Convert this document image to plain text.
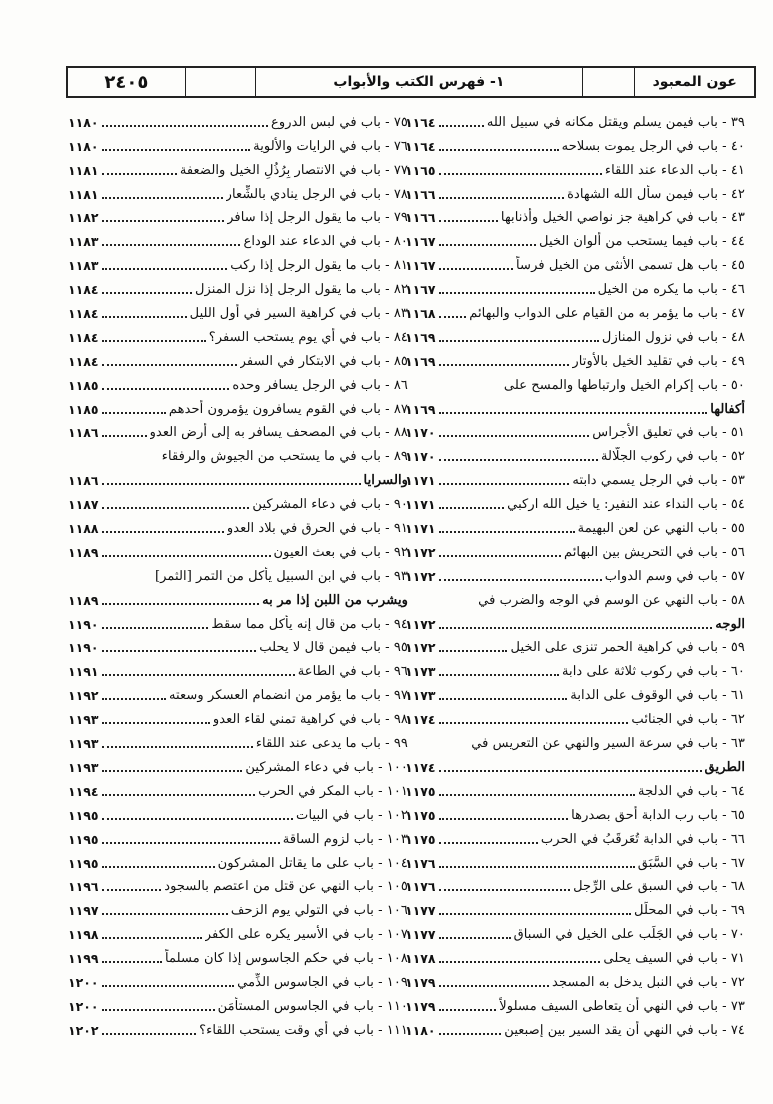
عون المعبود
١- فهرس الكتب والأبواب
٢٤٠٥
٣٩ - باب فيمن يسلم ويقتل مكانه في سبيل الله
١١٦٤
٤٠ - باب في الرجل يموت بسلاحه
١١٦٤
٤١ - باب الدعاء عند اللقاء
١١٦٥
٤٢ - باب فيمن سأل الله الشهادة
١١٦٦
٤٣ - باب في كراهية جز نواصي الخيل وأذنابها
١١٦٦
٤٤ - باب فيما يستحب من ألوان الخيل
١١٦٧
٤٥ - باب هل تسمى الأنثى من الخيل فرساً
١١٦٧
٤٦ - باب ما يكره من الخيل
١١٦٧
٤٧ - باب ما يؤمر به من القيام على الدواب والبهائم
١١٦٨
٤٨ - باب في نزول المنازل
١١٦٩
٤٩ - باب في تقليد الخيل بالأوتار
١١٦٩
٥٠ - باب إكرام الخيل وارتباطها والمسح على
أكفالها
١١٦٩
٥١ - باب في تعليق الأجراس
١١٧٠
٥٢ - باب في ركوب الجلّالة
١١٧٠
٥٣ - باب في الرجل يسمي دابته
١١٧١
٥٤ - باب النداء عند النفير: يا خيل الله اركبي
١١٧١
٥٥ - باب النهي عن لعن البهيمة
١١٧١
٥٦ - باب في التحريش بين البهائم
١١٧٢
٥٧ - باب في وسم الدواب
١١٧٢
٥٨ - باب النهي عن الوسم في الوجه والضرب في
الوجه
١١٧٢
٥٩ - باب في كراهية الحمر تنزى على الخيل
١١٧٢
٦٠ - باب في ركوب ثلاثة على دابة
١١٧٣
٦١ - باب في الوقوف على الدابة
١١٧٣
٦٢ - باب في الجنائب
١١٧٤
٦٣ - باب في سرعة السير والنهي عن التعريس في
الطريق
١١٧٤
٦٤ - باب في الدلجة
١١٧٥
٦٥ - باب رب الدابة أحق بصدرها
١١٧٥
٦٦ - باب في الدابة تُعَرقَبُ في الحرب
١١٧٥
٦٧ - باب في السَّبَق
١١٧٦
٦٨ - باب في السبق على الرِّجل
١١٧٦
٦٩ - باب في المحلِّل
١١٧٧
٧٠ - باب في الجَلَب على الخيل في السباق
١١٧٧
٧١ - باب في السيف يحلى
١١٧٨
٧٢ - باب في النبل يدخل به المسجد
١١٧٩
٧٣ - باب في النهي أن يتعاطى السيف مسلولاً
١١٧٩
٧٤ - باب في النهي أن يقد السير بين إصبعين
١١٨٠
٧٥ - باب في لبس الدروع
١١٨٠
٧٦ - باب في الرايات والألوية
١١٨٠
٧٧ - باب في الانتصار بِرُذُلِ الخيل والضعفة
١١٨١
٧٨ - باب في الرجل ينادي بالشِّعار
١١٨١
٧٩ - باب ما يقول الرجل إذا سافر
١١٨٢
٨٠ - باب في الدعاء عند الوداع
١١٨٣
٨١ - باب ما يقول الرجل إذا ركب
١١٨٣
٨٢ - باب ما يقول الرجل إذا نزل المنزل
١١٨٤
٨٣ - باب في كراهية السير في أول الليل
١١٨٤
٨٤ - باب في أي يوم يستحب السفر؟
١١٨٤
٨٥ - باب في الابتكار في السفر
١١٨٤
٨٦ - باب في الرجل يسافر وحده
١١٨٥
٨٧ - باب في القوم يسافرون يؤمرون أحدهم
١١٨٥
٨٨ - باب في المصحف يسافر به إلى أرض العدو
١١٨٦
٨٩ - باب في ما يستحب من الجيوش والرفقاء
والسرايا
١١٨٦
٩٠ - باب في دعاء المشركين
١١٨٧
٩١ - باب في الحرق في بلاد العدو
١١٨٨
٩٢ - باب في بعث العيون
١١٨٩
٩٣ - باب في ابن السبيل يأكل من التمر [الثمر]
ويشرب من اللبن إذا مر به
١١٨٩
٩٤ - باب من قال إنه يأكل مما سقط
١١٩٠
٩٥ - باب فيمن قال لا يحلب
١١٩٠
٩٦ - باب في الطاعة
١١٩١
٩٧ - باب ما يؤمر من انضمام العسكر وسعته
١١٩٢
٩٨ - باب في كراهية تمني لقاء العدو
١١٩٣
٩٩ - باب ما يدعى عند اللقاء
١١٩٣
١٠٠ - باب في دعاء المشركين
١١٩٣
١٠١ - باب المكر في الحرب
١١٩٤
١٠٢ - باب في البيات
١١٩٥
١٠٣ - باب لزوم الساقة
١١٩٥
١٠٤ - باب على ما يقاتل المشركون
١١٩٥
١٠٥ - باب النهي عن قتل من اعتصم بالسجود
١١٩٦
١٠٦ - باب في التولي يوم الزحف
١١٩٧
١٠٧ - باب في الأسير يكره على الكفر
١١٩٨
١٠٨ - باب في حكم الجاسوس إذا كان مسلماً
١١٩٩
١٠٩ - باب في الجاسوس الذِّمي
١٢٠٠
١١٠ - باب في الجاسوس المستأمَن
١٢٠٠
١١١ - باب في أي وقت يستحب اللقاء؟
١٢٠٢
